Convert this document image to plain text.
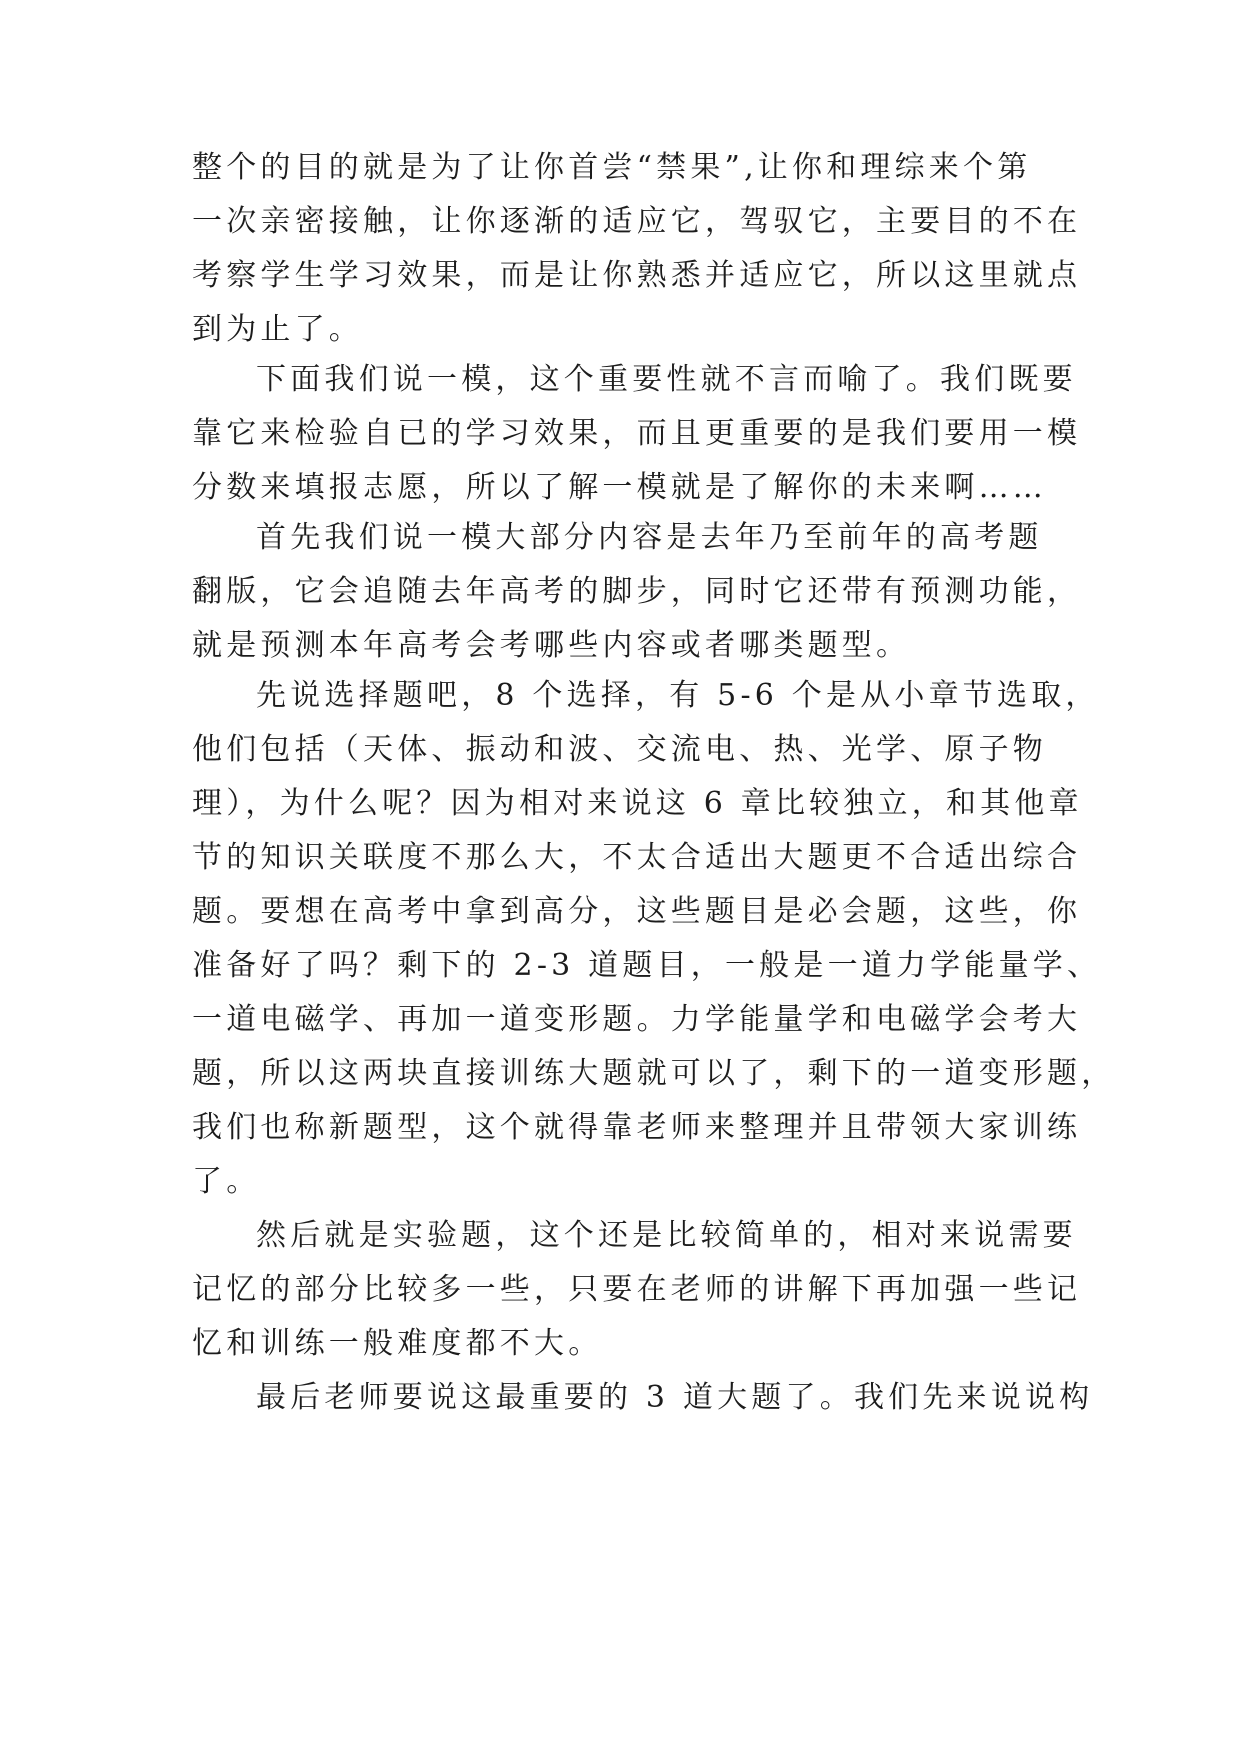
整个的目的就是为了让你首尝“禁果”,让你和理综来个第
一次亲密接触，让你逐渐的适应它，驾驭它，主要目的不在
考察学生学习效果，而是让你熟悉并适应它，所以这里就点
到为止了。
下面我们说一模，这个重要性就不言而喻了。我们既要
靠它来检验自已的学习效果，而且更重要的是我们要用一模
分数来填报志愿，所以了解一模就是了解你的未来啊……
首先我们说一模大部分内容是去年乃至前年的高考题
翻版，它会追随去年高考的脚步，同时它还带有预测功能，
就是预测本年高考会考哪些内容或者哪类题型。
先说选择题吧，8 个选择，有 5-6 个是从小章节选取，
他们包括（天体、振动和波、交流电、热、光学、原子物
理），为什么呢？因为相对来说这 6 章比较独立，和其他章
节的知识关联度不那么大，不太合适出大题更不合适出综合
题。要想在高考中拿到高分，这些题目是必会题，这些，你
准备好了吗？剩下的 2-3 道题目，一般是一道力学能量学、
一道电磁学、再加一道变形题。力学能量学和电磁学会考大
题，所以这两块直接训练大题就可以了，剩下的一道变形题，
我们也称新题型，这个就得靠老师来整理并且带领大家训练
了。
然后就是实验题，这个还是比较简单的，相对来说需要
记忆的部分比较多一些，只要在老师的讲解下再加强一些记
忆和训练一般难度都不大。
最后老师要说这最重要的 3 道大题了。我们先来说说构
